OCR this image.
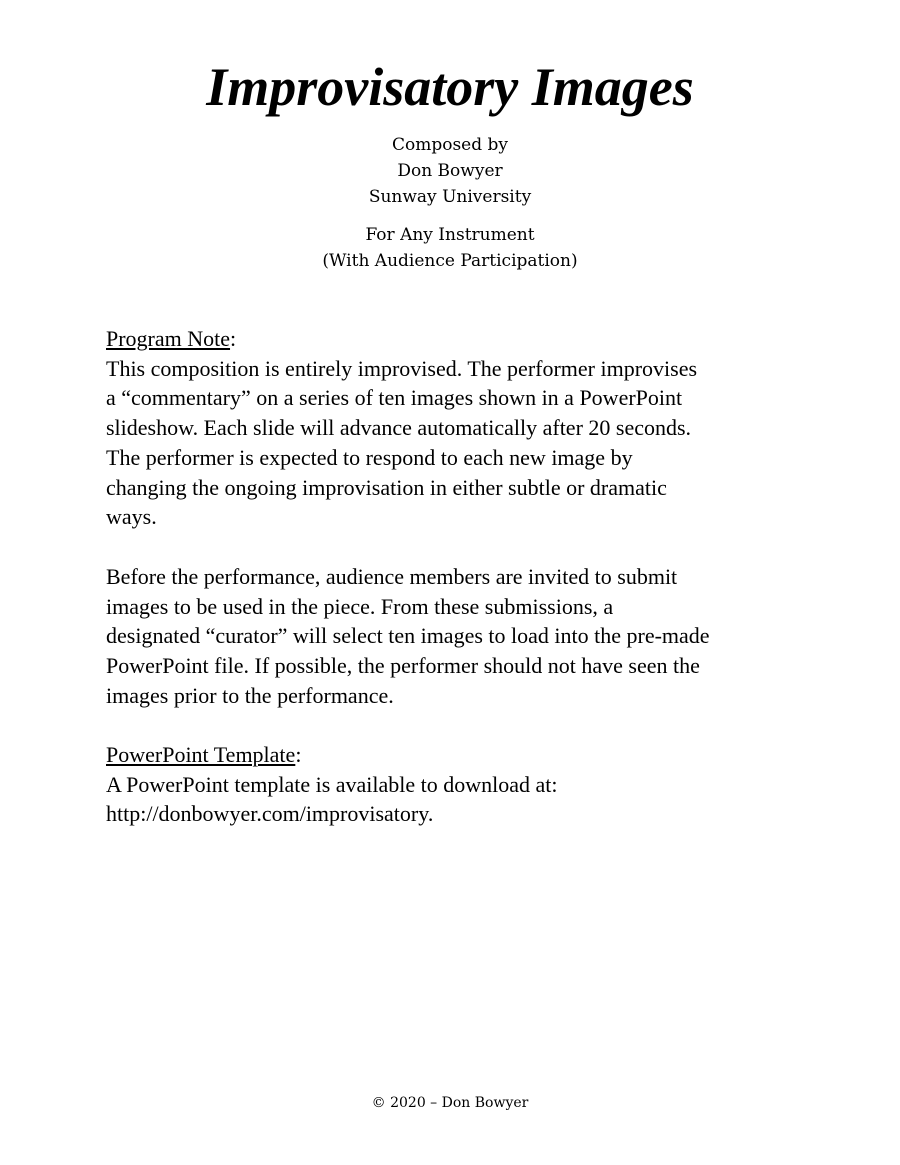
Improvisatory Images
Composed by
Don Bowyer
Sunway University
For Any Instrument
(With Audience Participation)
Program Note:
This composition is entirely improvised. The performer improvises
a “commentary” on a series of ten images shown in a PowerPoint
slideshow. Each slide will advance automatically after 20 seconds.
The performer is expected to respond to each new image by
changing the ongoing improvisation in either subtle or dramatic
ways.
Before the performance, audience members are invited to submit
images to be used in the piece. From these submissions, a
designated “curator” will select ten images to load into the pre-made
PowerPoint file. If possible, the performer should not have seen the
images prior to the performance.
PowerPoint Template:
A PowerPoint template is available to download at:
http://donbowyer.com/improvisatory.
© 2020 – Don Bowyer
